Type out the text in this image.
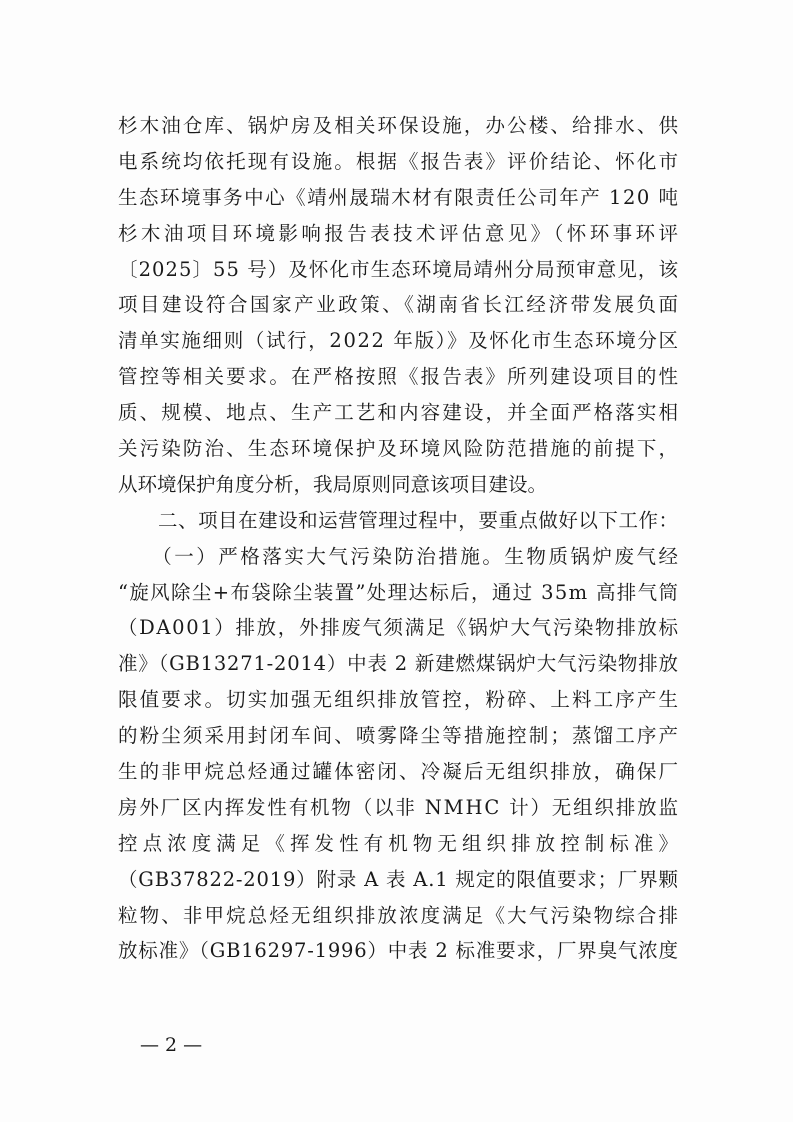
杉木油仓库、锅炉房及相关环保设施，办公楼、给排水、供

电系统均依托现有设施。根据《报告表》评价结论、怀化市

生态环境事务中心《靖州晟瑞木材有限责任公司年产 120 吨

杉木油项目环境影响报告表技术评估意见》（怀环事环评

〔2025〕55 号）及怀化市生态环境局靖州分局预审意见，该

项目建设符合国家产业政策、《湖南省长江经济带发展负面

清单实施细则（试行，2022 年版）》及怀化市生态环境分区

管控等相关要求。在严格按照《报告表》所列建设项目的性

质、规模、地点、生产工艺和内容建设，并全面严格落实相

关污染防治、生态环境保护及环境风险防范措施的前提下，

从环境保护角度分析，我局原则同意该项目建设。

　　二、项目在建设和运营管理过程中，要重点做好以下工作：

　　（一）严格落实大气污染防治措施。生物质锅炉废气经

“旋风除尘+布袋除尘装置”处理达标后，通过 35m 高排气筒

（DA001）排放，外排废气须满足《锅炉大气污染物排放标

准》（GB13271-2014）中表 2 新建燃煤锅炉大气污染物排放

限值要求。切实加强无组织排放管控，粉碎、上料工序产生

的粉尘须采用封闭车间、喷雾降尘等措施控制；蒸馏工序产

生的非甲烷总烃通过罐体密闭、冷凝后无组织排放，确保厂

房外厂区内挥发性有机物（以非 NMHC 计）无组织排放监

控点浓度满足《挥发性有机物无组织排放控制标准》

（GB37822-2019）附录 A 表 A.1 规定的限值要求；厂界颗

粒物、非甲烷总烃无组织排放浓度满足《大气污染物综合排

放标准》（GB16297-1996）中表 2 标准要求，厂界臭气浓度

— 2 —
